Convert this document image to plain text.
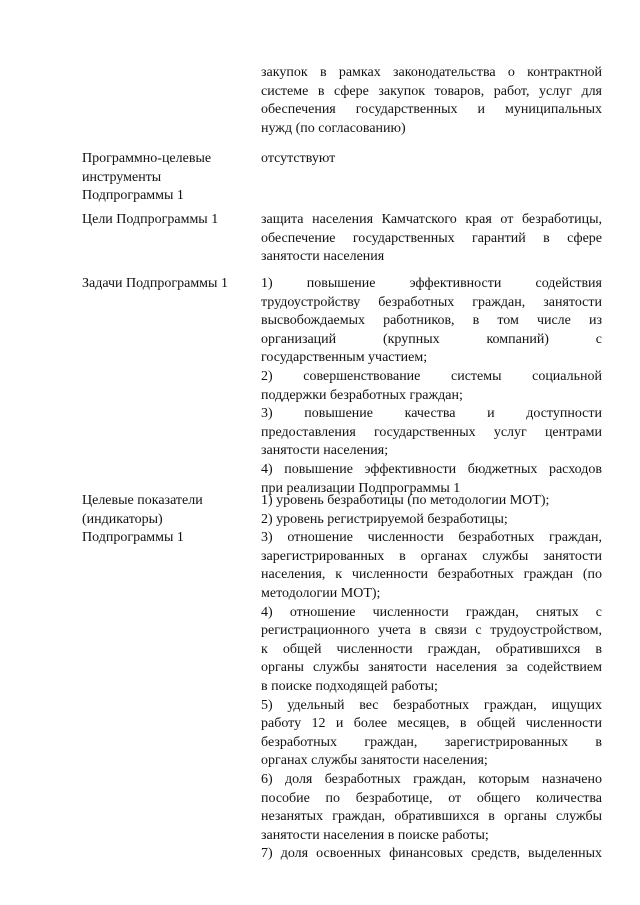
закупок в рамках законодательства о контрактной
системе в сфере закупок товаров, работ, услуг для
обеспечения государственных и муниципальных
нужд (по согласованию)
Программно-целевые
инструменты
Подпрограммы 1
отсутствуют
Цели Подпрограммы 1	защита населения Камчатского края от безработицы,
обеспечение государственных гарантий в сфере
занятости населения
Задачи Подпрограммы 1	1) повышение эффективности содействия
трудоустройству безработных граждан, занятости
высвобождаемых работников, в том числе из
организаций (крупных компаний) с
государственным участием;
2) совершенствование системы социальной
поддержки безработных граждан;
3) повышение качества и доступности
предоставления государственных услуг центрами
занятости населения;
4) повышение эффективности бюджетных расходов
при реализации Подпрограммы 1
Целевые показатели
(индикаторы)
Подпрограммы 1
1) уровень безработицы (по методологии МОТ);
2) уровень регистрируемой безработицы;
3) отношение численности безработных граждан,
зарегистрированных в органах службы занятости
населения, к численности безработных граждан (по
методологии МОТ);
4) отношение численности граждан, снятых с
регистрационного учета в связи с трудоустройством,
к общей численности граждан, обратившихся в
органы службы занятости населения за содействием
в поиске подходящей работы;
5) удельный вес безработных граждан, ищущих
работу 12 и более месяцев, в общей численности
безработных граждан, зарегистрированных в
органах службы занятости населения;
6) доля безработных граждан, которым назначено
пособие по безработице, от общего количества
незанятых граждан, обратившихся в органы службы
занятости населения в поиске работы;
7) доля освоенных финансовых средств, выделенных
